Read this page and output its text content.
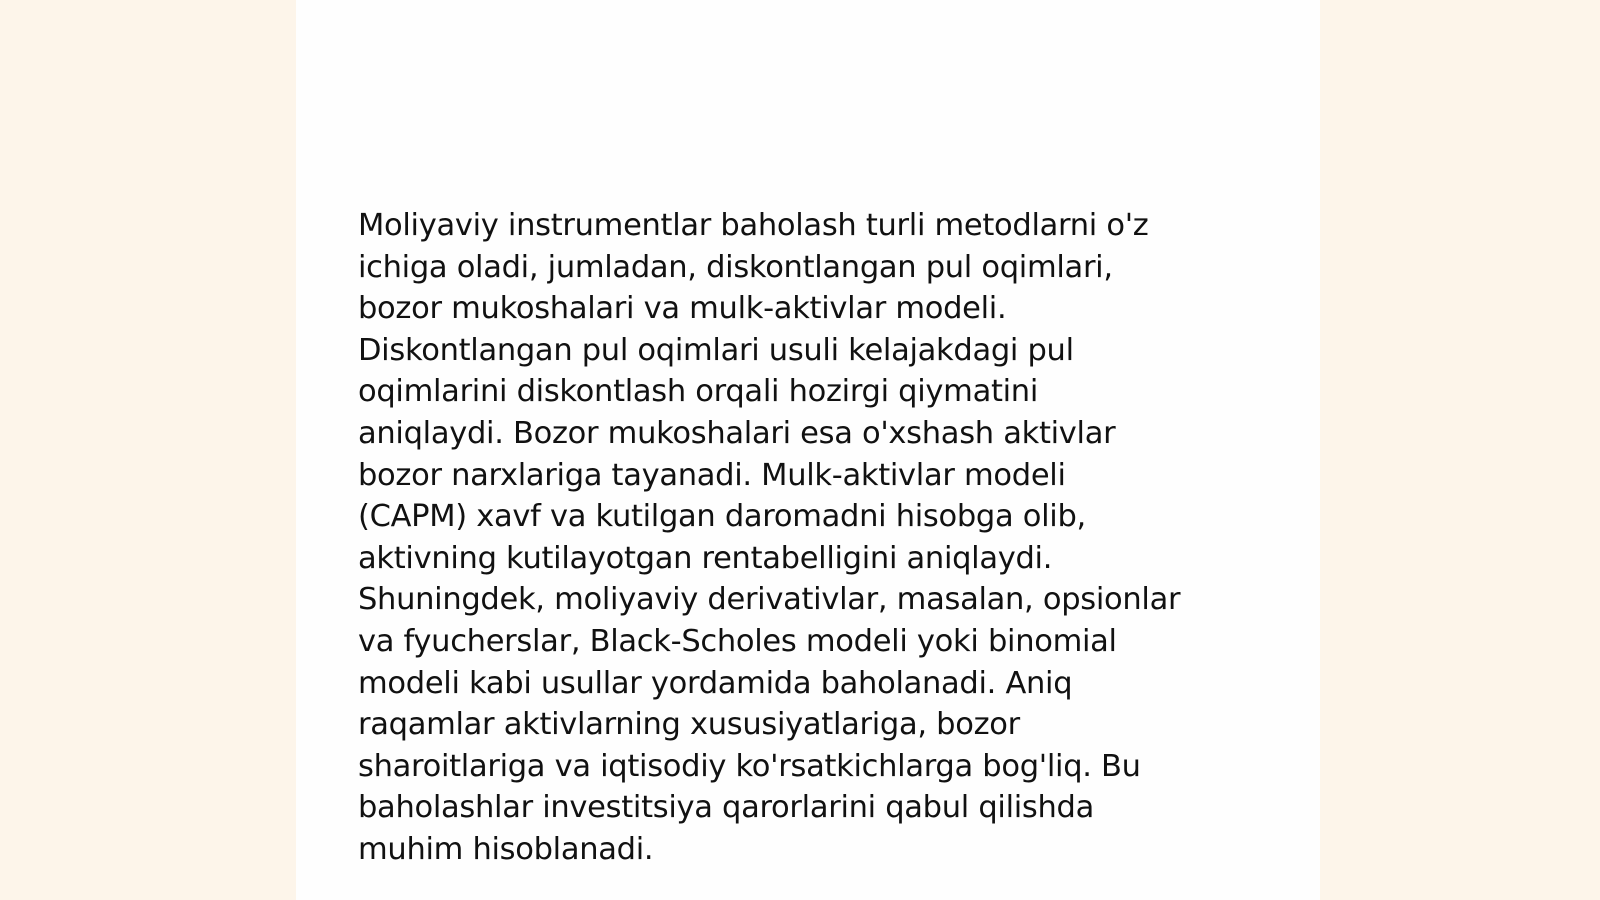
Moliyaviy instrumentlar baholash turli metodlarni o'z
ichiga oladi, jumladan, diskontlangan pul oqimlari,
bozor mukoshalari va mulk-aktivlar modeli.
Diskontlangan pul oqimlari usuli kelajakdagi pul
oqimlarini diskontlash orqali hozirgi qiymatini
aniqlaydi. Bozor mukoshalari esa o'xshash aktivlar
bozor narxlariga tayanadi. Mulk-aktivlar modeli
(CAPM) xavf va kutilgan daromadni hisobga olib,
aktivning kutilayotgan rentabelligini aniqlaydi.
Shuningdek, moliyaviy derivativlar, masalan, opsionlar
va fyucherslar, Black-Scholes modeli yoki binomial
modeli kabi usullar yordamida baholanadi. Aniq
raqamlar aktivlarning xususiyatlariga, bozor
sharoitlariga va iqtisodiy ko'rsatkichlarga bog'liq. Bu
baholashlar investitsiya qarorlarini qabul qilishda
muhim hisoblanadi.
